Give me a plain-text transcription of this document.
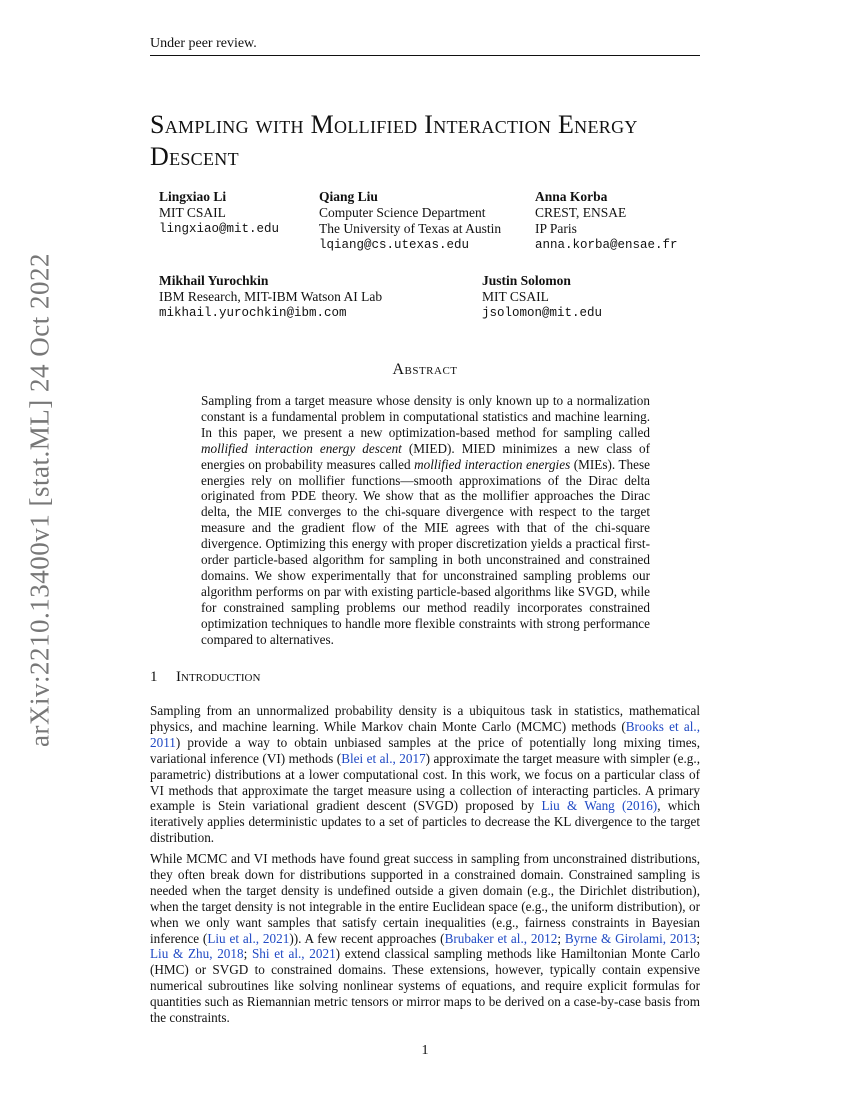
Under peer review.
arXiv:2210.13400v1 [stat.ML] 24 Oct 2022
Sampling with Mollified Interaction Energy Descent
Lingxiao Li
MIT CSAIL
lingxiao@mit.edu
Qiang Liu
Computer Science Department
The University of Texas at Austin
lqiang@cs.utexas.edu
Anna Korba
CREST, ENSAE
IP Paris
anna.korba@ensae.fr
Mikhail Yurochkin
IBM Research, MIT-IBM Watson AI Lab
mikhail.yurochkin@ibm.com
Justin Solomon
MIT CSAIL
jsolomon@mit.edu
Abstract
Sampling from a target measure whose density is only known up to a normalization constant is a fundamental problem in computational statistics and machine learning. In this paper, we present a new optimization-based method for sampling called mollified interaction energy descent (MIED). MIED minimizes a new class of energies on probability measures called mollified interaction energies (MIEs). These energies rely on mollifier functions—smooth approximations of the Dirac delta originated from PDE theory. We show that as the mollifier approaches the Dirac delta, the MIE converges to the chi-square divergence with respect to the target measure and the gradient flow of the MIE agrees with that of the chi-square divergence. Optimizing this energy with proper discretization yields a practical first-order particle-based algorithm for sampling in both unconstrained and constrained domains. We show experimentally that for unconstrained sampling problems our algorithm performs on par with existing particle-based algorithms like SVGD, while for constrained sampling problems our method readily incorporates constrained optimization techniques to handle more flexible constraints with strong performance compared to alternatives.
1 Introduction
Sampling from an unnormalized probability density is a ubiquitous task in statistics, mathematical physics, and machine learning. While Markov chain Monte Carlo (MCMC) methods (Brooks et al., 2011) provide a way to obtain unbiased samples at the price of potentially long mixing times, variational inference (VI) methods (Blei et al., 2017) approximate the target measure with simpler (e.g., parametric) distributions at a lower computational cost. In this work, we focus on a particular class of VI methods that approximate the target measure using a collection of interacting particles. A primary example is Stein variational gradient descent (SVGD) proposed by Liu & Wang (2016), which iteratively applies deterministic updates to a set of particles to decrease the KL divergence to the target distribution.
While MCMC and VI methods have found great success in sampling from unconstrained distributions, they often break down for distributions supported in a constrained domain. Constrained sampling is needed when the target density is undefined outside a given domain (e.g., the Dirichlet distribution), when the target density is not integrable in the entire Euclidean space (e.g., the uniform distribution), or when we only want samples that satisfy certain inequalities (e.g., fairness constraints in Bayesian inference (Liu et al., 2021)). A few recent approaches (Brubaker et al., 2012; Byrne & Girolami, 2013; Liu & Zhu, 2018; Shi et al., 2021) extend classical sampling methods like Hamiltonian Monte Carlo (HMC) or SVGD to constrained domains. These extensions, however, typically contain expensive numerical subroutines like solving nonlinear systems of equations, and require explicit formulas for quantities such as Riemannian metric tensors or mirror maps to be derived on a case-by-case basis from the constraints.
1
